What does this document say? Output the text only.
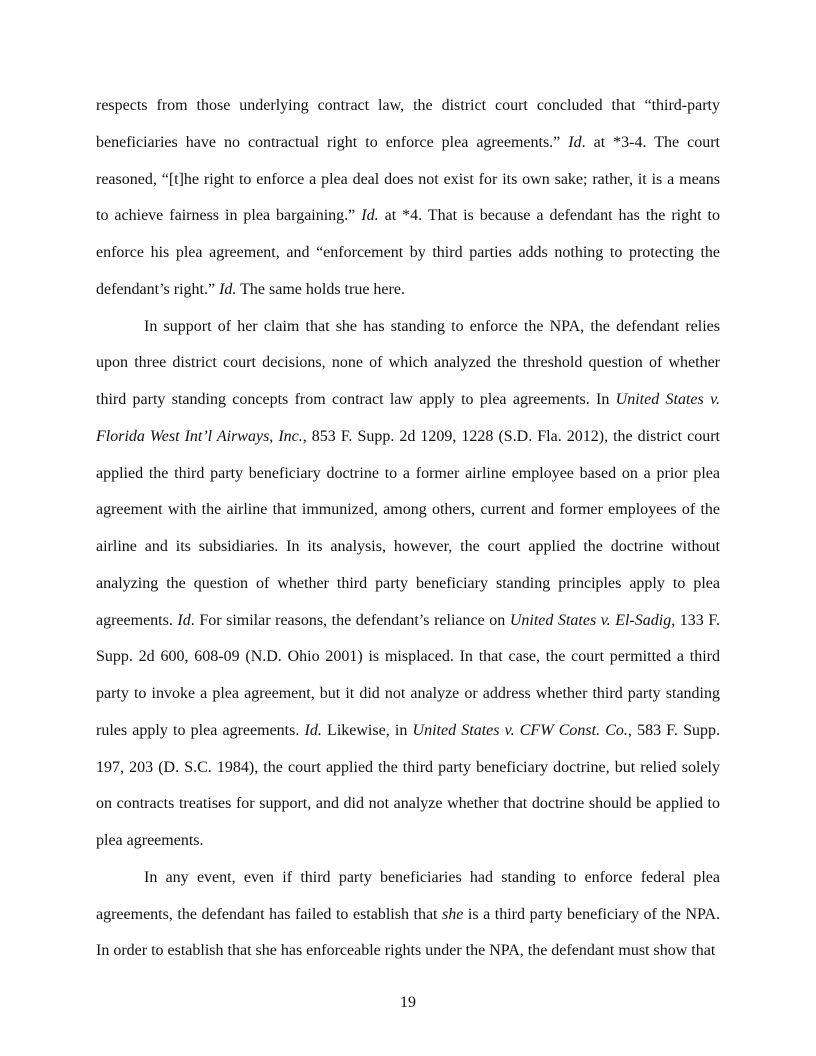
respects from those underlying contract law, the district court concluded that “third-party beneficiaries have no contractual right to enforce plea agreements.” Id. at *3-4. The court reasoned, “[t]he right to enforce a plea deal does not exist for its own sake; rather, it is a means to achieve fairness in plea bargaining.” Id. at *4. That is because a defendant has the right to enforce his plea agreement, and “enforcement by third parties adds nothing to protecting the defendant’s right.” Id. The same holds true here.

In support of her claim that she has standing to enforce the NPA, the defendant relies upon three district court decisions, none of which analyzed the threshold question of whether third party standing concepts from contract law apply to plea agreements. In United States v. Florida West Int’l Airways, Inc., 853 F. Supp. 2d 1209, 1228 (S.D. Fla. 2012), the district court applied the third party beneficiary doctrine to a former airline employee based on a prior plea agreement with the airline that immunized, among others, current and former employees of the airline and its subsidiaries. In its analysis, however, the court applied the doctrine without analyzing the question of whether third party beneficiary standing principles apply to plea agreements. Id. For similar reasons, the defendant’s reliance on United States v. El-Sadig, 133 F. Supp. 2d 600, 608-09 (N.D. Ohio 2001) is misplaced. In that case, the court permitted a third party to invoke a plea agreement, but it did not analyze or address whether third party standing rules apply to plea agreements. Id. Likewise, in United States v. CFW Const. Co., 583 F. Supp. 197, 203 (D. S.C. 1984), the court applied the third party beneficiary doctrine, but relied solely on contracts treatises for support, and did not analyze whether that doctrine should be applied to plea agreements.

In any event, even if third party beneficiaries had standing to enforce federal plea agreements, the defendant has failed to establish that she is a third party beneficiary of the NPA. In order to establish that she has enforceable rights under the NPA, the defendant must show that

19
